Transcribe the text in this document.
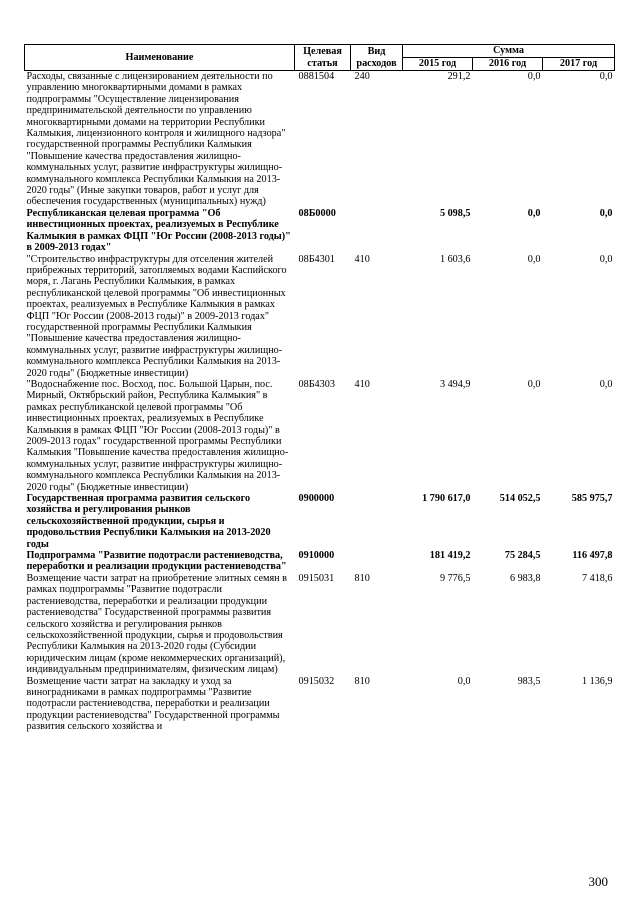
Наименование	Целевая статья	Вид расходов	Сумма		
			2015 год	2016 год	2017 год
Расходы, связанные с лицензированием деятельности по управлению многоквартирными домами в рамках подпрограммы "Осуществление лицензирования предпринимательской деятельности по управлению многоквартирными домами на территории Республики Калмыкия, лицензионного контроля и жилищного надзора" государственной программы Республики Калмыкия "Повышение качества предоставления жилищно-коммунальных услуг, развитие инфраструктуры жилищно-коммунального комплекса Республики Калмыкия на 2013-2020 годы" (Иные закупки товаров, работ и услуг для обеспечения государственных (муниципальных) нужд)	0881504	240	291,2	0,0	0,0
Республиканская целевая программа "Об инвестиционных проектах, реализуемых в Республике Калмыкия в рамках ФЦП "Юг России (2008-2013 годы)" в 2009-2013 годах"	08Б0000		5 098,5	0,0	0,0
"Строительство инфраструктуры для отселения жителей прибрежных территорий, затопляемых водами Каспийского моря, г. Лагань Республики Калмыкия, в рамках республиканской целевой программы "Об инвестиционных проектах, реализуемых в Республике Калмыкия в рамках ФЦП "Юг России (2008-2013 годы)" в 2009-2013 годах" государственной программы Республики Калмыкия "Повышение качества предоставления жилищно-коммунальных услуг, развитие инфраструктуры жилищно-коммунального комплекса Республики Калмыкия на 2013-2020 годы" (Бюджетные инвестиции)	08Б4301	410	1 603,6	0,0	0,0
"Водоснабжение пос. Восход, пос. Большой Царын, пос. Мирный, Октябрьский район, Республика Калмыкия" в рамках республиканской целевой программы "Об инвестиционных проектах, реализуемых в Республике Калмыкия в рамках ФЦП "Юг России (2008-2013 годы)" в 2009-2013 годах" государственной программы Республики Калмыкия "Повышение качества предоставления жилищно-коммунальных услуг, развитие инфраструктуры жилищно-коммунального комплекса Республики Калмыкия на 2013-2020 годы" (Бюджетные инвестиции)	08Б4303	410	3 494,9	0,0	0,0
Государственная программа развития сельского хозяйства и регулирования рынков сельскохозяйственной продукции, сырья и продовольствия Республики Калмыкия на 2013-2020 годы	0900000		1 790 617,0	514 052,5	585 975,7
Подпрограмма "Развитие подотрасли растениеводства, переработки и реализации продукции растениеводства"	0910000		181 419,2	75 284,5	116 497,8
Возмещение части затрат на приобретение элитных семян в рамках подпрограммы "Развитие подотрасли растениеводства, переработки и реализации продукции растениеводства" Государственной программы развития сельского хозяйства и регулирования рынков сельскохозяйственной продукции, сырья и продовольствия Республики Калмыкия на 2013-2020 годы (Субсидии юридическим лицам (кроме некоммерческих организаций), индивидуальным предпринимателям, физическим лицам)	0915031	810	9 776,5	6 983,8	7 418,6
Возмещение части затрат на закладку и уход за виноградниками в рамках подпрограммы "Развитие подотрасли растениеводства, переработки и реализации продукции растениеводства" Государственной программы развития сельского хозяйства и	0915032	810	0,0	983,5	1 136,9
300
